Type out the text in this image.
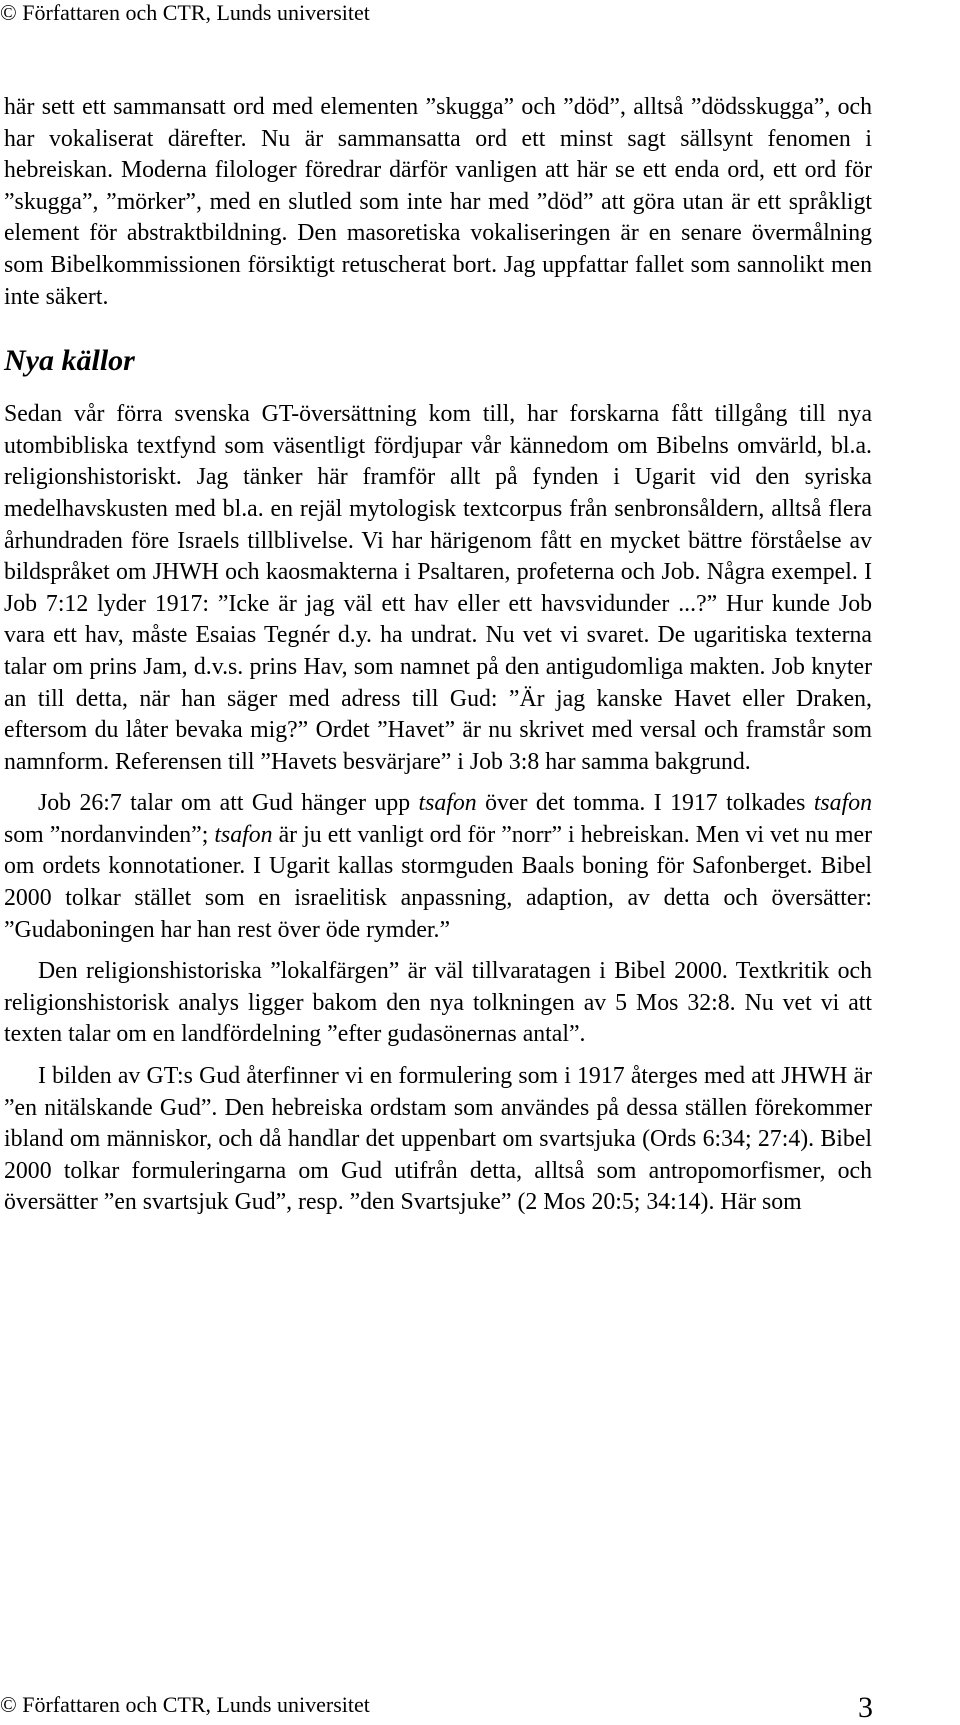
© Författaren och CTR, Lunds universitet

här sett ett sammansatt ord med elementen ”skugga” och ”död”, alltså ”dödsskugga”, och har vokaliserat därefter. Nu är sammansatta ord ett minst sagt sällsynt fenomen i hebreiskan. Moderna filologer föredrar därför vanligen att här se ett enda ord, ett ord för ”skugga”, ”mörker”, med en slutled som inte har med ”död” att göra utan är ett språkligt element för abstraktbildning. Den masoretiska vokaliseringen är en senare övermålning som Bibelkommissionen försiktigt retuscherat bort. Jag uppfattar fallet som sannolikt men inte säkert.

Nya källor

Sedan vår förra svenska GT-översättning kom till, har forskarna fått tillgång till nya utombibliska textfynd som väsentligt fördjupar vår kännedom om Bibelns omvärld, bl.a. religionshistoriskt. Jag tänker här framför allt på fynden i Ugarit vid den syriska medelhavskusten med bl.a. en rejäl mytologisk textcorpus från senbronsåldern, alltså flera århundraden före Israels tillblivelse. Vi har härigenom fått en mycket bättre förståelse av bildspråket om JHWH och kaosmakterna i Psaltaren, profeterna och Job. Några exempel. I Job 7:12 lyder 1917: ”Icke är jag väl ett hav eller ett havsvidunder ...?” Hur kunde Job vara ett hav, måste Esaias Tegnér d.y. ha undrat. Nu vet vi svaret. De ugaritiska texterna talar om prins Jam, d.v.s. prins Hav, som namnet på den antigudomliga makten. Job knyter an till detta, när han säger med adress till Gud: ”Är jag kanske Havet eller Draken, eftersom du låter bevaka mig?” Ordet ”Havet” är nu skrivet med versal och framstår som namnform. Referensen till ”Havets besvärjare” i Job 3:8 har samma bakgrund.

Job 26:7 talar om att Gud hänger upp tsafon över det tomma. I 1917 tolkades tsafon som ”nordanvinden”; tsafon är ju ett vanligt ord för ”norr” i hebreiskan. Men vi vet nu mer om ordets konnotationer. I Ugarit kallas stormguden Baals boning för Safonberget. Bibel 2000 tolkar stället som en israelitisk anpassning, adaption, av detta och översätter: ”Gudaboningen har han rest över öde rymder.”

Den religionshistoriska ”lokalfärgen” är väl tillvaratagen i Bibel 2000. Textkritik och religionshistorisk analys ligger bakom den nya tolkningen av 5 Mos 32:8. Nu vet vi att texten talar om en landfördelning ”efter gudasönernas antal”.

I bilden av GT:s Gud återfinner vi en formulering som i 1917 återges med att JHWH är ”en nitälskande Gud”. Den hebreiska ordstam som användes på dessa ställen förekommer ibland om människor, och då handlar det uppenbart om svartsjuka (Ords 6:34; 27:4). Bibel 2000 tolkar formuleringarna om Gud utifrån detta, alltså som antropomorfismer, och översätter ”en svartsjuk Gud”, resp. ”den Svartsjuke” (2 Mos 20:5; 34:14). Här som

© Författaren och CTR, Lunds universitet	3
